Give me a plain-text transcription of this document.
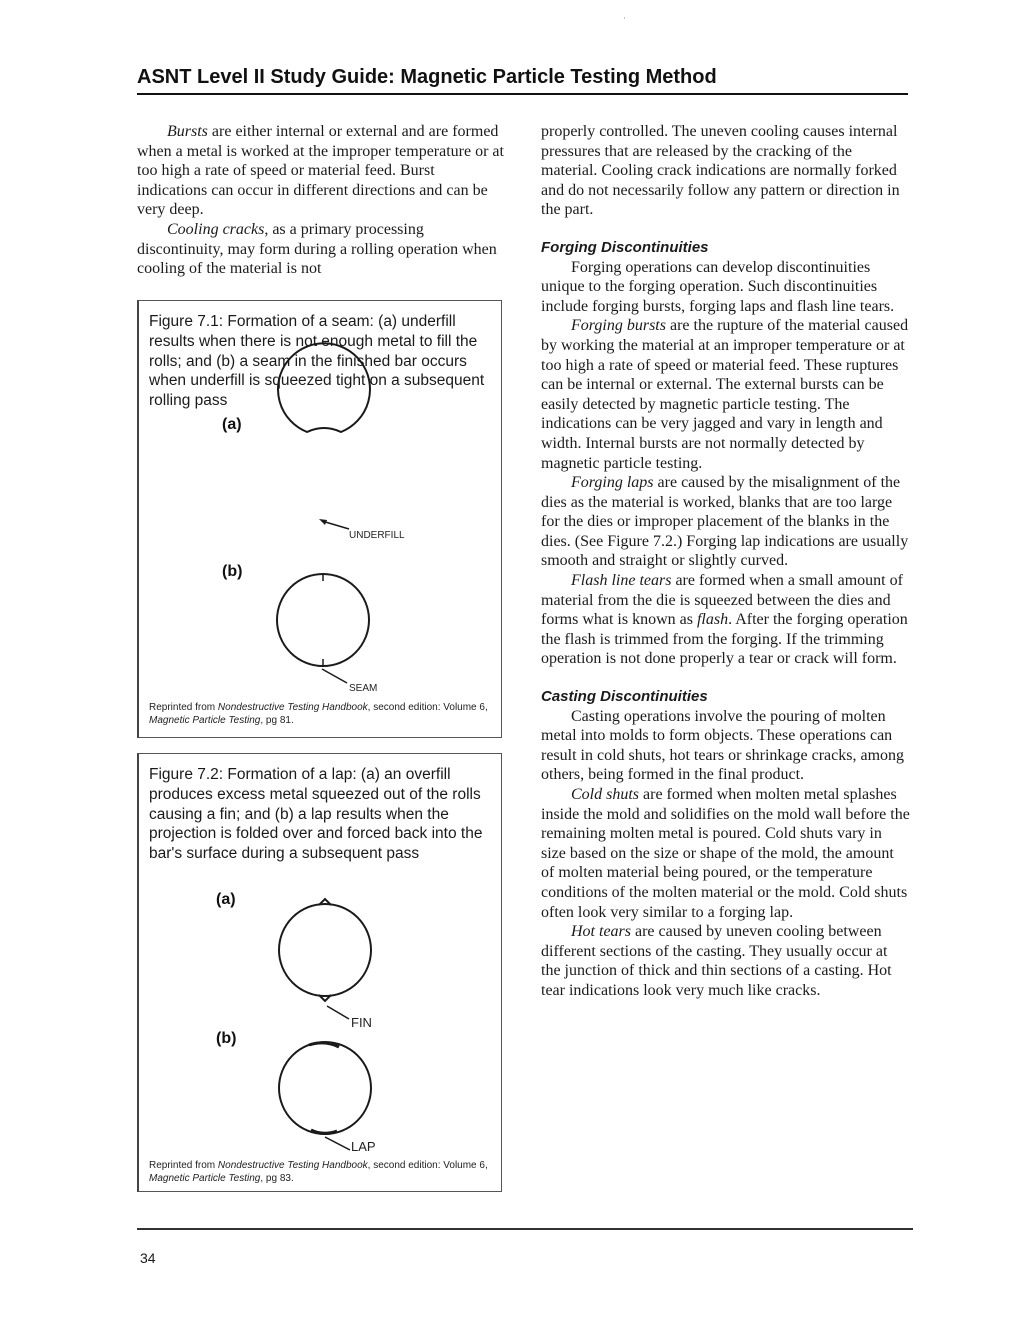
·
ASNT Level II Study Guide: Magnetic Particle Testing Method

Bursts are either internal or external and are formed when a metal is worked at the improper temperature or at too high a rate of speed or material feed. Burst indications can occur in different directions and can be very deep.

Cooling cracks, as a primary processing discontinuity, may form during a rolling operation when cooling of the material is not

Figure 7.1: Formation of a seam: (a) underfill results when there is not enough metal to fill the rolls; and (b) a seam in the finished bar occurs when underfill is squeezed tight on a subsequent rolling pass
(a)
UNDERFILL
(b)
SEAM
Reprinted from Nondestructive Testing Handbook, second edition: Volume 6, Magnetic Particle Testing, pg 81.
Figure 7.2: Formation of a lap: (a) an overfill produces excess metal squeezed out of the rolls causing a fin; and (b) a lap results when the projection is folded over and forced back into the bar's surface during a subsequent pass
(a)
FIN
(b)
LAP
Reprinted from Nondestructive Testing Handbook, second edition: Volume 6, Magnetic Particle Testing, pg 83.

properly controlled. The uneven cooling causes internal pressures that are released by the cracking of the material. Cooling crack indications are normally forked and do not necessarily follow any pattern or direction in the part.

Forging Discontinuities

Forging operations can develop discontinuities unique to the forging operation. Such discontinuities include forging bursts, forging laps and flash line tears.

Forging bursts are the rupture of the material caused by working the material at an improper temperature or at too high a rate of speed or material feed. These ruptures can be internal or external. The external bursts can be easily detected by magnetic particle testing. The indications can be very jagged and vary in length and width. Internal bursts are not normally detected by magnetic particle testing.

Forging laps are caused by the misalignment of the dies as the material is worked, blanks that are too large for the dies or improper placement of the blanks in the dies. (See Figure 7.2.) Forging lap indications are usually smooth and straight or slightly curved.

Flash line tears are formed when a small amount of material from the die is squeezed between the dies and forms what is known as flash. After the forging operation the flash is trimmed from the forging. If the trimming operation is not done properly a tear or crack will form.

Casting Discontinuities

Casting operations involve the pouring of molten metal into molds to form objects. These operations can result in cold shuts, hot tears or shrinkage cracks, among others, being formed in the final product.

Cold shuts are formed when molten metal splashes inside the mold and solidifies on the mold wall before the remaining molten metal is poured. Cold shuts vary in size based on the size or shape of the mold, the amount of molten material being poured, or the temperature conditions of the molten material or the mold. Cold shuts often look very similar to a forging lap.

Hot tears are caused by uneven cooling between different sections of the casting. They usually occur at the junction of thick and thin sections of a casting. Hot tear indications look very much like cracks.

34
